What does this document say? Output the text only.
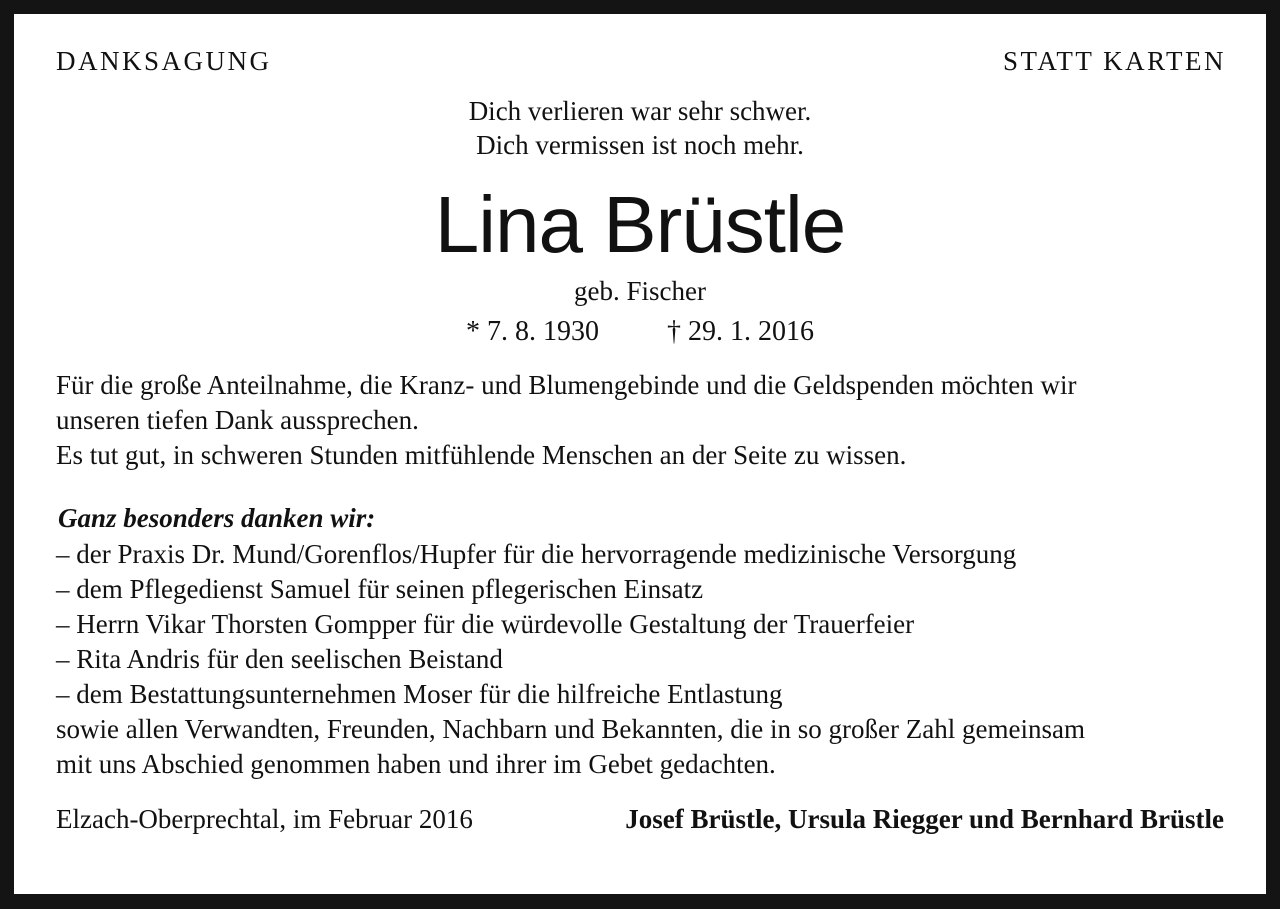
DANKSAGUNG	STATT KARTEN
Dich verlieren war sehr schwer.
Dich vermissen ist noch mehr.
Lina Brüstle
geb. Fischer
* 7. 8. 1930 † 29. 1. 2016
Für die große Anteilnahme, die Kranz- und Blumengebinde und die Geldspenden möchten wir
unseren tiefen Dank aussprechen.
Es tut gut, in schweren Stunden mitfühlende Menschen an der Seite zu wissen.
Ganz besonders danken wir:
– der Praxis Dr. Mund/Gorenflos/Hupfer für die hervorragende medizinische Versorgung
– dem Pflegedienst Samuel für seinen pflegerischen Einsatz
– Herrn Vikar Thorsten Gompper für die würdevolle Gestaltung der Trauerfeier
– Rita Andris für den seelischen Beistand
– dem Bestattungsunternehmen Moser für die hilfreiche Entlastung
sowie allen Verwandten, Freunden, Nachbarn und Bekannten, die in so großer Zahl gemeinsam
mit uns Abschied genommen haben und ihrer im Gebet gedachten.
Elzach-Oberprechtal, im Februar 2016	Josef Brüstle, Ursula Riegger und Bernhard Brüstle
